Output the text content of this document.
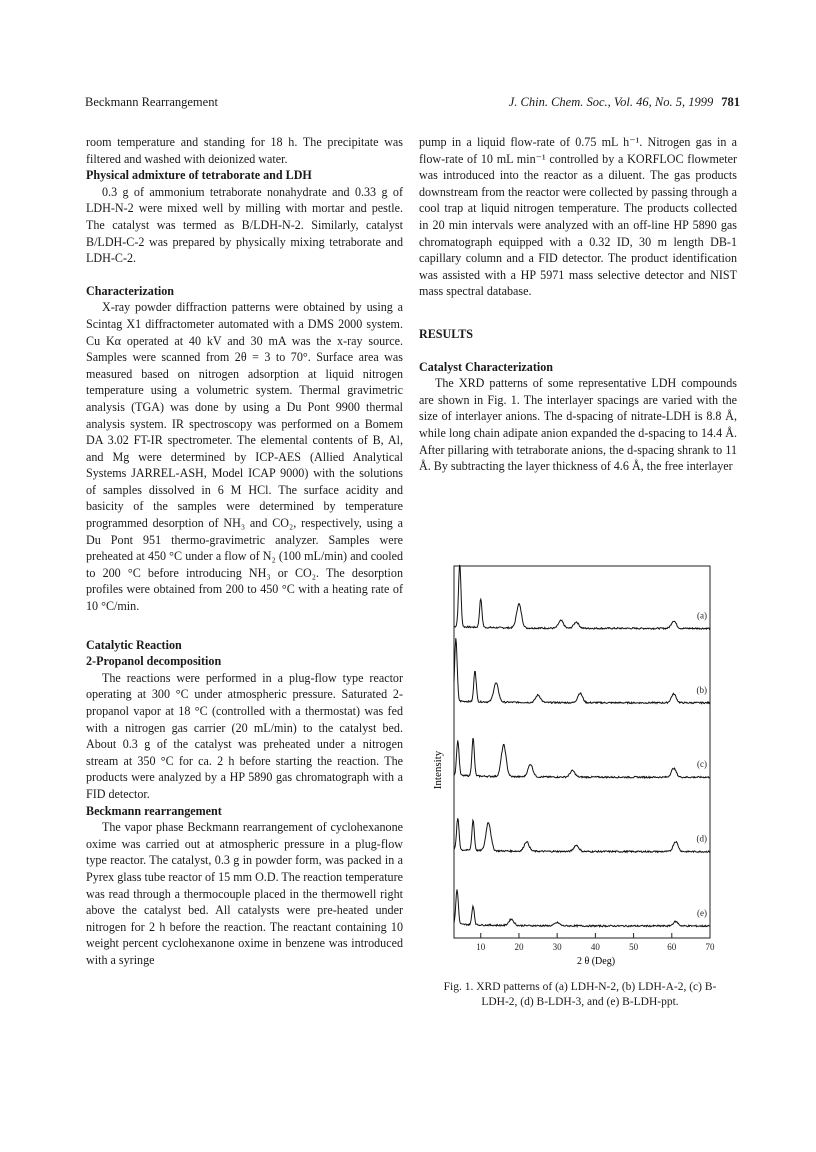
Beckmann Rearrangement	J. Chin. Chem. Soc., Vol. 46, No. 5, 1999 781

room temperature and standing for 18 h. The precipitate was filtered and washed with deionized water.

Physical admixture of tetraborate and LDH

0.3 g of ammonium tetraborate nonahydrate and 0.33 g of LDH-N-2 were mixed well by milling with mortar and pestle. The catalyst was termed as B/LDH-N-2. Similarly, catalyst B/LDH-C-2 was prepared by physically mixing tetraborate and LDH-C-2.

Characterization

X-ray powder diffraction patterns were obtained by using a Scintag X1 diffractometer automated with a DMS 2000 system. Cu Kα operated at 40 kV and 30 mA was the x-ray source. Samples were scanned from 2θ = 3 to 70°. Surface area was measured based on nitrogen adsorption at liquid nitrogen temperature using a volumetric system. Thermal gravimetric analysis (TGA) was done by using a Du Pont 9900 thermal analysis system. IR spectroscopy was performed on a Bomem DA 3.02 FT-IR spectrometer. The elemental contents of B, Al, and Mg were determined by ICP-AES (Allied Analytical Systems JARREL-ASH, Model ICAP 9000) with the solutions of samples dissolved in 6 M HCl. The surface acidity and basicity of the samples were determined by temperature programmed desorption of NH₃ and CO₂, respectively, using a Du Pont 951 thermo-gravimetric analyzer. Samples were preheated at 450 °C under a flow of N₂ (100 mL/min) and cooled to 200 °C before introducing NH₃ or CO₂. The desorption profiles were obtained from 200 to 450 °C with a heating rate of 10 °C/min.

Catalytic Reaction

2-Propanol decomposition

The reactions were performed in a plug-flow type reactor operating at 300 °C under atmospheric pressure. Saturated 2-propanol vapor at 18 °C (controlled with a thermostat) was fed with a nitrogen gas carrier (20 mL/min) to the catalyst bed. About 0.3 g of the catalyst was preheated under a nitrogen stream at 350 °C for ca. 2 h before starting the reaction. The products were analyzed by a HP 5890 gas chromatograph with a FID detector.

Beckmann rearrangement

The vapor phase Beckmann rearrangement of cyclohexanone oxime was carried out at atmospheric pressure in a plug-flow type reactor. The catalyst, 0.3 g in powder form, was packed in a Pyrex glass tube reactor of 15 mm O.D. The reaction temperature was read through a thermocouple placed in the thermowell right above the catalyst bed. All catalysts were pre-heated under nitrogen for 2 h before the reaction. The reactant containing 10 weight percent cyclohexanone oxime in benzene was introduced with a syringe

pump in a liquid flow-rate of 0.75 mL h⁻¹. Nitrogen gas in a flow-rate of 10 mL min⁻¹ controlled by a KORFLOC flowmeter was introduced into the reactor as a diluent. The gas products downstream from the reactor were collected by passing through a cool trap at liquid nitrogen temperature. The products collected in 20 min intervals were analyzed with an off-line HP 5890 gas chromatograph equipped with a 0.32 ID, 30 m length DB-1 capillary column and a FID detector. The product identification was assisted with a HP 5971 mass selective detector and NIST mass spectral database.

RESULTS

Catalyst Characterization

The XRD patterns of some representative LDH compounds are shown in Fig. 1. The interlayer spacings are varied with the size of interlayer anions. The d-spacing of nitrate-LDH is 8.8 Å, while long chain adipate anion expanded the d-spacing to 14.4 Å. After pillaring with tetraborate anions, the d-spacing shrank to 11 Å. By subtracting the layer thickness of 4.6 Å, the free interlayer

10	20	30	40	50	60	70
(a)
(b)
(c)
(d)
(e)
Intensity
2 θ (Deg)
Fig. 1. XRD patterns of (a) LDH-N-2, (b) LDH-A-2, (c) B-LDH-2, (d) B-LDH-3, and (e) B-LDH-ppt.
